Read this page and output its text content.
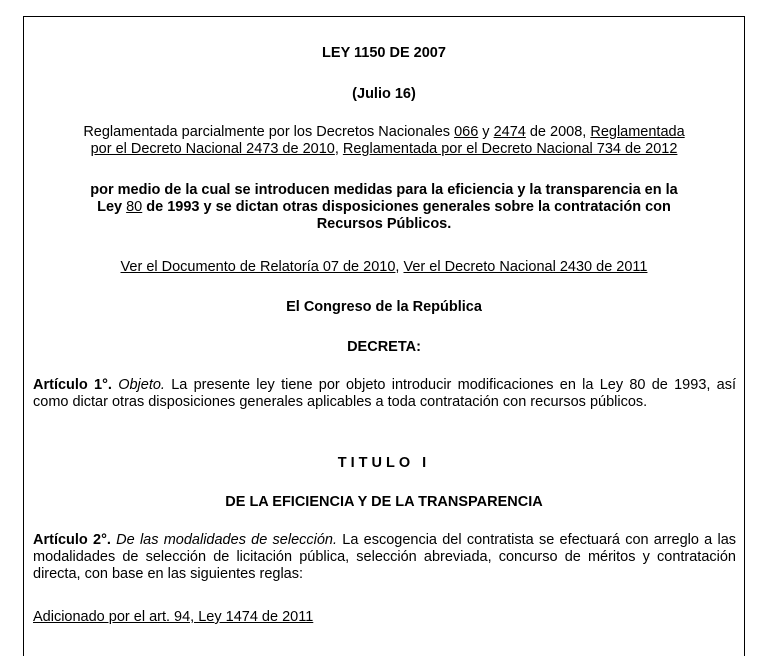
LEY 1150 DE 2007

(Julio 16)

Reglamentada parcialmente por los Decretos Nacionales 066 y 2474 de 2008, Reglamentada
por el Decreto Nacional 2473 de 2010, Reglamentada por el Decreto Nacional 734 de 2012

por medio de la cual se introducen medidas para la eficiencia y la transparencia en la
Ley 80 de 1993 y se dictan otras disposiciones generales sobre la contratación con
Recursos Públicos.

Ver el Documento de Relatoría 07 de 2010, Ver el Decreto Nacional 2430 de 2011

El Congreso de la República

DECRETA:

Artículo 1°. Objeto. La presente ley tiene por objeto introducir modificaciones en la Ley 80 de 1993, así como dictar otras disposiciones generales aplicables a toda contratación con recursos públicos.

TITULO I

DE LA EFICIENCIA Y DE LA TRANSPARENCIA

Artículo 2°. De las modalidades de selección. La escogencia del contratista se efectuará con arreglo a las modalidades de selección de licitación pública, selección abreviada, concurso de méritos y contratación directa, con base en las siguientes reglas:

Adicionado por el art. 94, Ley 1474 de 2011
